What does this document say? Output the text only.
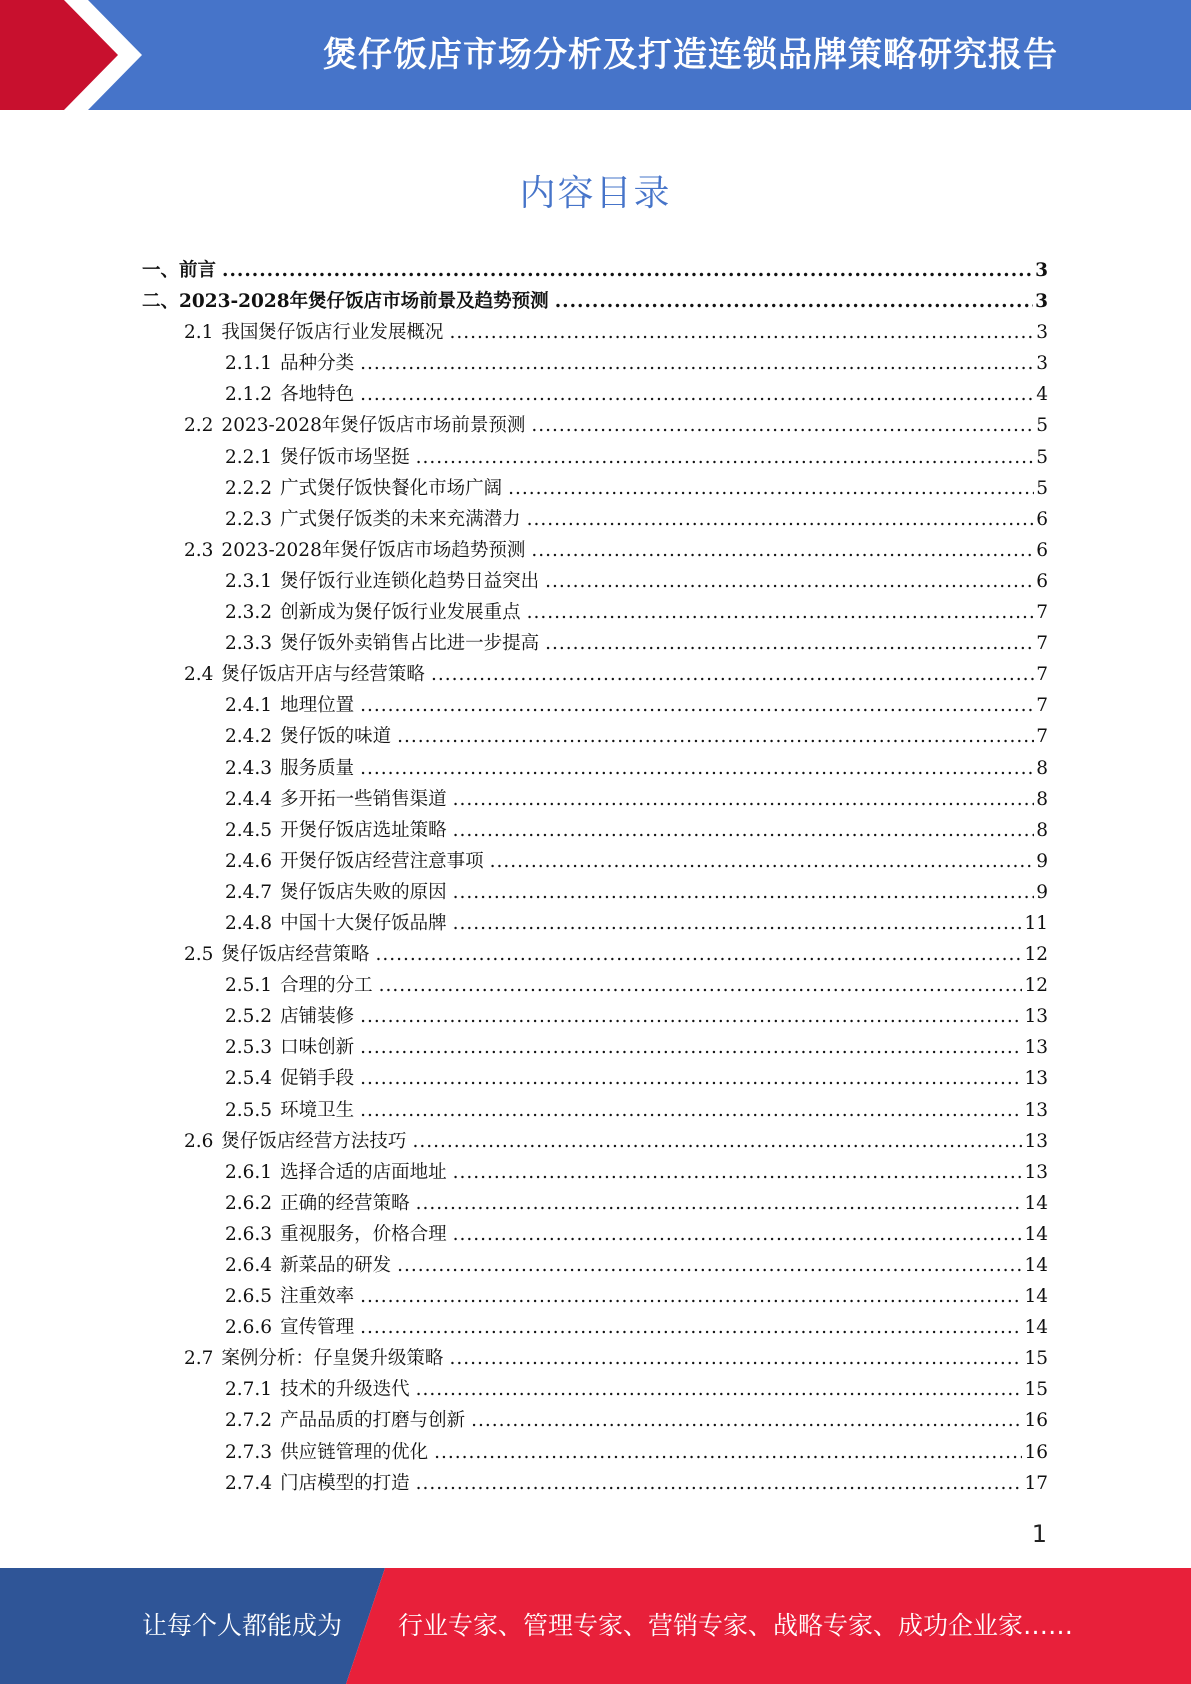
煲仔饭店市场分析及打造连锁品牌策略研究报告
内容目录
一、 前言 .....	3
二、 2023-2028年煲仔饭店市场前景及趋势预测 .....	3
2.1 我国煲仔饭店行业发展概况 .....	3
2.1.1 品种分类 .....	3
2.1.2 各地特色 .....	4
2.2 2023-2028年煲仔饭店市场前景预测 .....	5
2.2.1 煲仔饭市场坚挺 .....	5
2.2.2 广式煲仔饭快餐化市场广阔 .....	5
2.2.3 广式煲仔饭类的未来充满潜力 .....	6
2.3 2023-2028年煲仔饭店市场趋势预测 .....	6
2.3.1 煲仔饭行业连锁化趋势日益突出 .....	6
2.3.2 创新成为煲仔饭行业发展重点 .....	7
2.3.3 煲仔饭外卖销售占比进一步提高 .....	7
2.4 煲仔饭店开店与经营策略 .....	7
2.4.1 地理位置 .....	7
2.4.2 煲仔饭的味道 .....	7
2.4.3 服务质量 .....	8
2.4.4 多开拓一些销售渠道 .....	8
2.4.5 开煲仔饭店选址策略 .....	8
2.4.6 开煲仔饭店经营注意事项 .....	9
2.4.7 煲仔饭店失败的原因 .....	9
2.4.8 中国十大煲仔饭品牌 .....	11
2.5 煲仔饭店经营策略 .....	12
2.5.1 合理的分工 .....	12
2.5.2 店铺装修 .....	13
2.5.3 口味创新 .....	13
2.5.4 促销手段 .....	13
2.5.5 环境卫生 .....	13
2.6 煲仔饭店经营方法技巧 .....	13
2.6.1 选择合适的店面地址 .....	13
2.6.2 正确的经营策略 .....	14
2.6.3 重视服务，价格合理 .....	14
2.6.4 新菜品的研发 .....	14
2.6.5 注重效率 .....	14
2.6.6 宣传管理 .....	14
2.7 案例分析：仔皇煲升级策略 .....	15
2.7.1 技术的升级迭代 .....	15
2.7.2 产品品质的打磨与创新 .....	16
2.7.3 供应链管理的优化 .....	16
2.7.4 门店模型的打造 .....	17
1
让每个人都能成为 行业专家、管理专家、营销专家、战略专家、成功企业家……
